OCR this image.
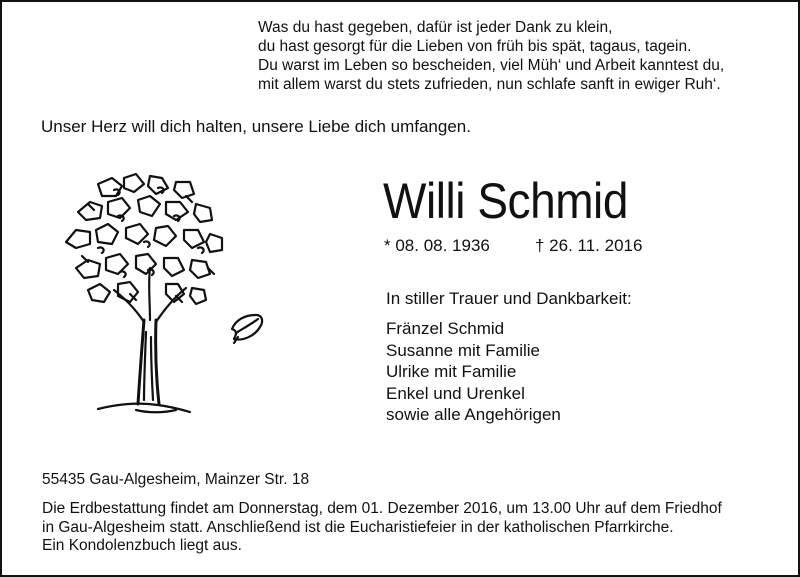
Was du hast gegeben, dafür ist jeder Dank zu klein,
du hast gesorgt für die Lieben von früh bis spät, tagaus, tagein.
Du warst im Leben so bescheiden, viel Müh‘ und Arbeit kanntest du,
mit allem warst du stets zufrieden, nun schlafe sanft in ewiger Ruh‘.
Unser Herz will dich halten, unsere Liebe dich umfangen.
Willi Schmid
* 08. 08. 1936	† 26. 11. 2016
In stiller Trauer und Dankbarkeit:
Fränzel Schmid
Susanne mit Familie
Ulrike mit Familie
Enkel und Urenkel
sowie alle Angehörigen
55435 Gau-Algesheim, Mainzer Str. 18
Die Erdbestattung findet am Donnerstag, dem 01. Dezember 2016, um 13.00 Uhr auf dem Friedhof
in Gau-Algesheim statt. Anschließend ist die Eucharistiefeier in der katholischen Pfarrkirche.
Ein Kondolenzbuch liegt aus.
